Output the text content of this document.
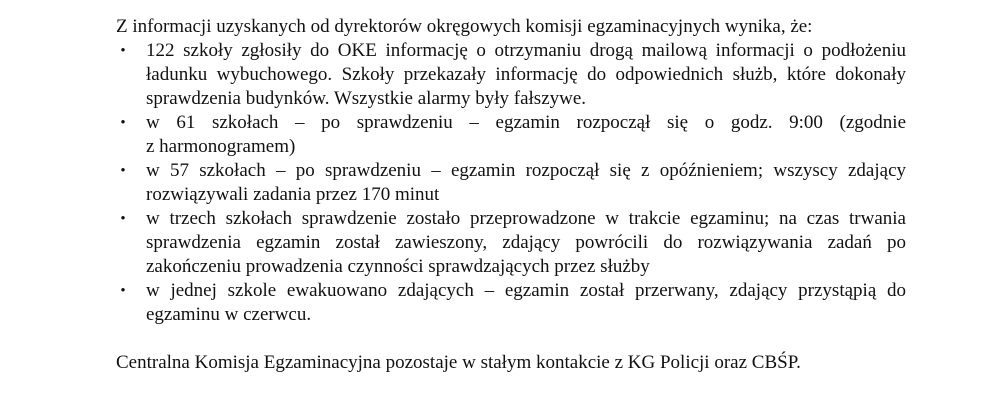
Z informacji uzyskanych od dyrektorów okręgowych komisji egzaminacyjnych wynika, że:

• 122 szkoły zgłosiły do OKE informację o otrzymaniu drogą mailową informacji o podłożeniu
ładunku wybuchowego. Szkoły przekazały informację do odpowiednich służb, które dokonały
sprawdzenia budynków. Wszystkie alarmy były fałszywe.
• w 61 szkołach – po sprawdzeniu – egzamin rozpoczął się o godz. 9:00 (zgodnie
z harmonogramem)
• w 57 szkołach – po sprawdzeniu – egzamin rozpoczął się z opóźnieniem; wszyscy zdający
rozwiązywali zadania przez 170 minut
• w trzech szkołach sprawdzenie zostało przeprowadzone w trakcie egzaminu; na czas trwania
sprawdzenia egzamin został zawieszony, zdający powrócili do rozwiązywania zadań po
zakończeniu prowadzenia czynności sprawdzających przez służby
• w jednej szkole ewakuowano zdających – egzamin został przerwany, zdający przystąpią do
egzaminu w czerwcu.

Centralna Komisja Egzaminacyjna pozostaje w stałym kontakcie z KG Policji oraz CBŚP.
